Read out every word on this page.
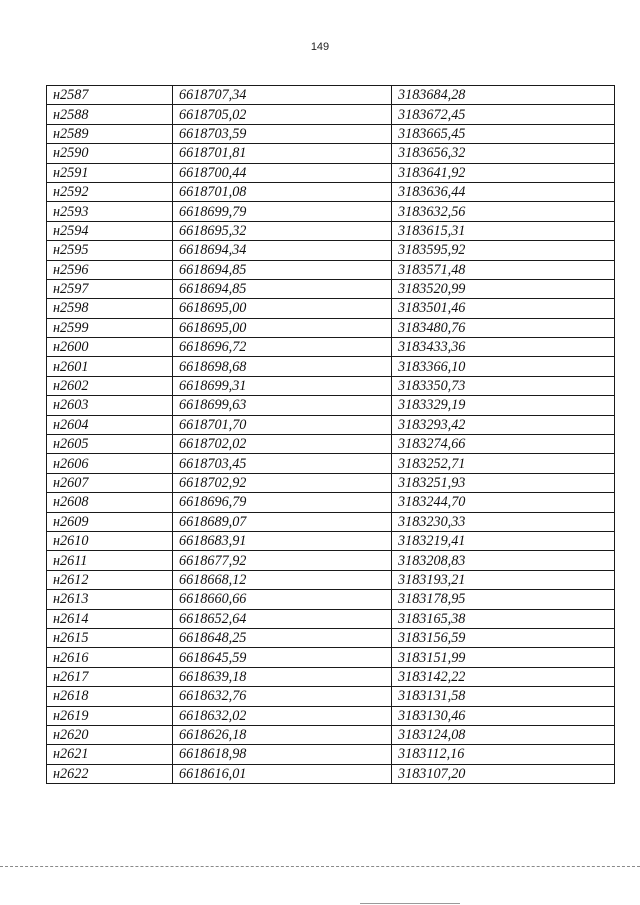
149
н2587	6618707,34	3183684,28
н2588	6618705,02	3183672,45
н2589	6618703,59	3183665,45
н2590	6618701,81	3183656,32
н2591	6618700,44	3183641,92
н2592	6618701,08	3183636,44
н2593	6618699,79	3183632,56
н2594	6618695,32	3183615,31
н2595	6618694,34	3183595,92
н2596	6618694,85	3183571,48
н2597	6618694,85	3183520,99
н2598	6618695,00	3183501,46
н2599	6618695,00	3183480,76
н2600	6618696,72	3183433,36
н2601	6618698,68	3183366,10
н2602	6618699,31	3183350,73
н2603	6618699,63	3183329,19
н2604	6618701,70	3183293,42
н2605	6618702,02	3183274,66
н2606	6618703,45	3183252,71
н2607	6618702,92	3183251,93
н2608	6618696,79	3183244,70
н2609	6618689,07	3183230,33
н2610	6618683,91	3183219,41
н2611	6618677,92	3183208,83
н2612	6618668,12	3183193,21
н2613	6618660,66	3183178,95
н2614	6618652,64	3183165,38
н2615	6618648,25	3183156,59
н2616	6618645,59	3183151,99
н2617	6618639,18	3183142,22
н2618	6618632,76	3183131,58
н2619	6618632,02	3183130,46
н2620	6618626,18	3183124,08
н2621	6618618,98	3183112,16
н2622	6618616,01	3183107,20
